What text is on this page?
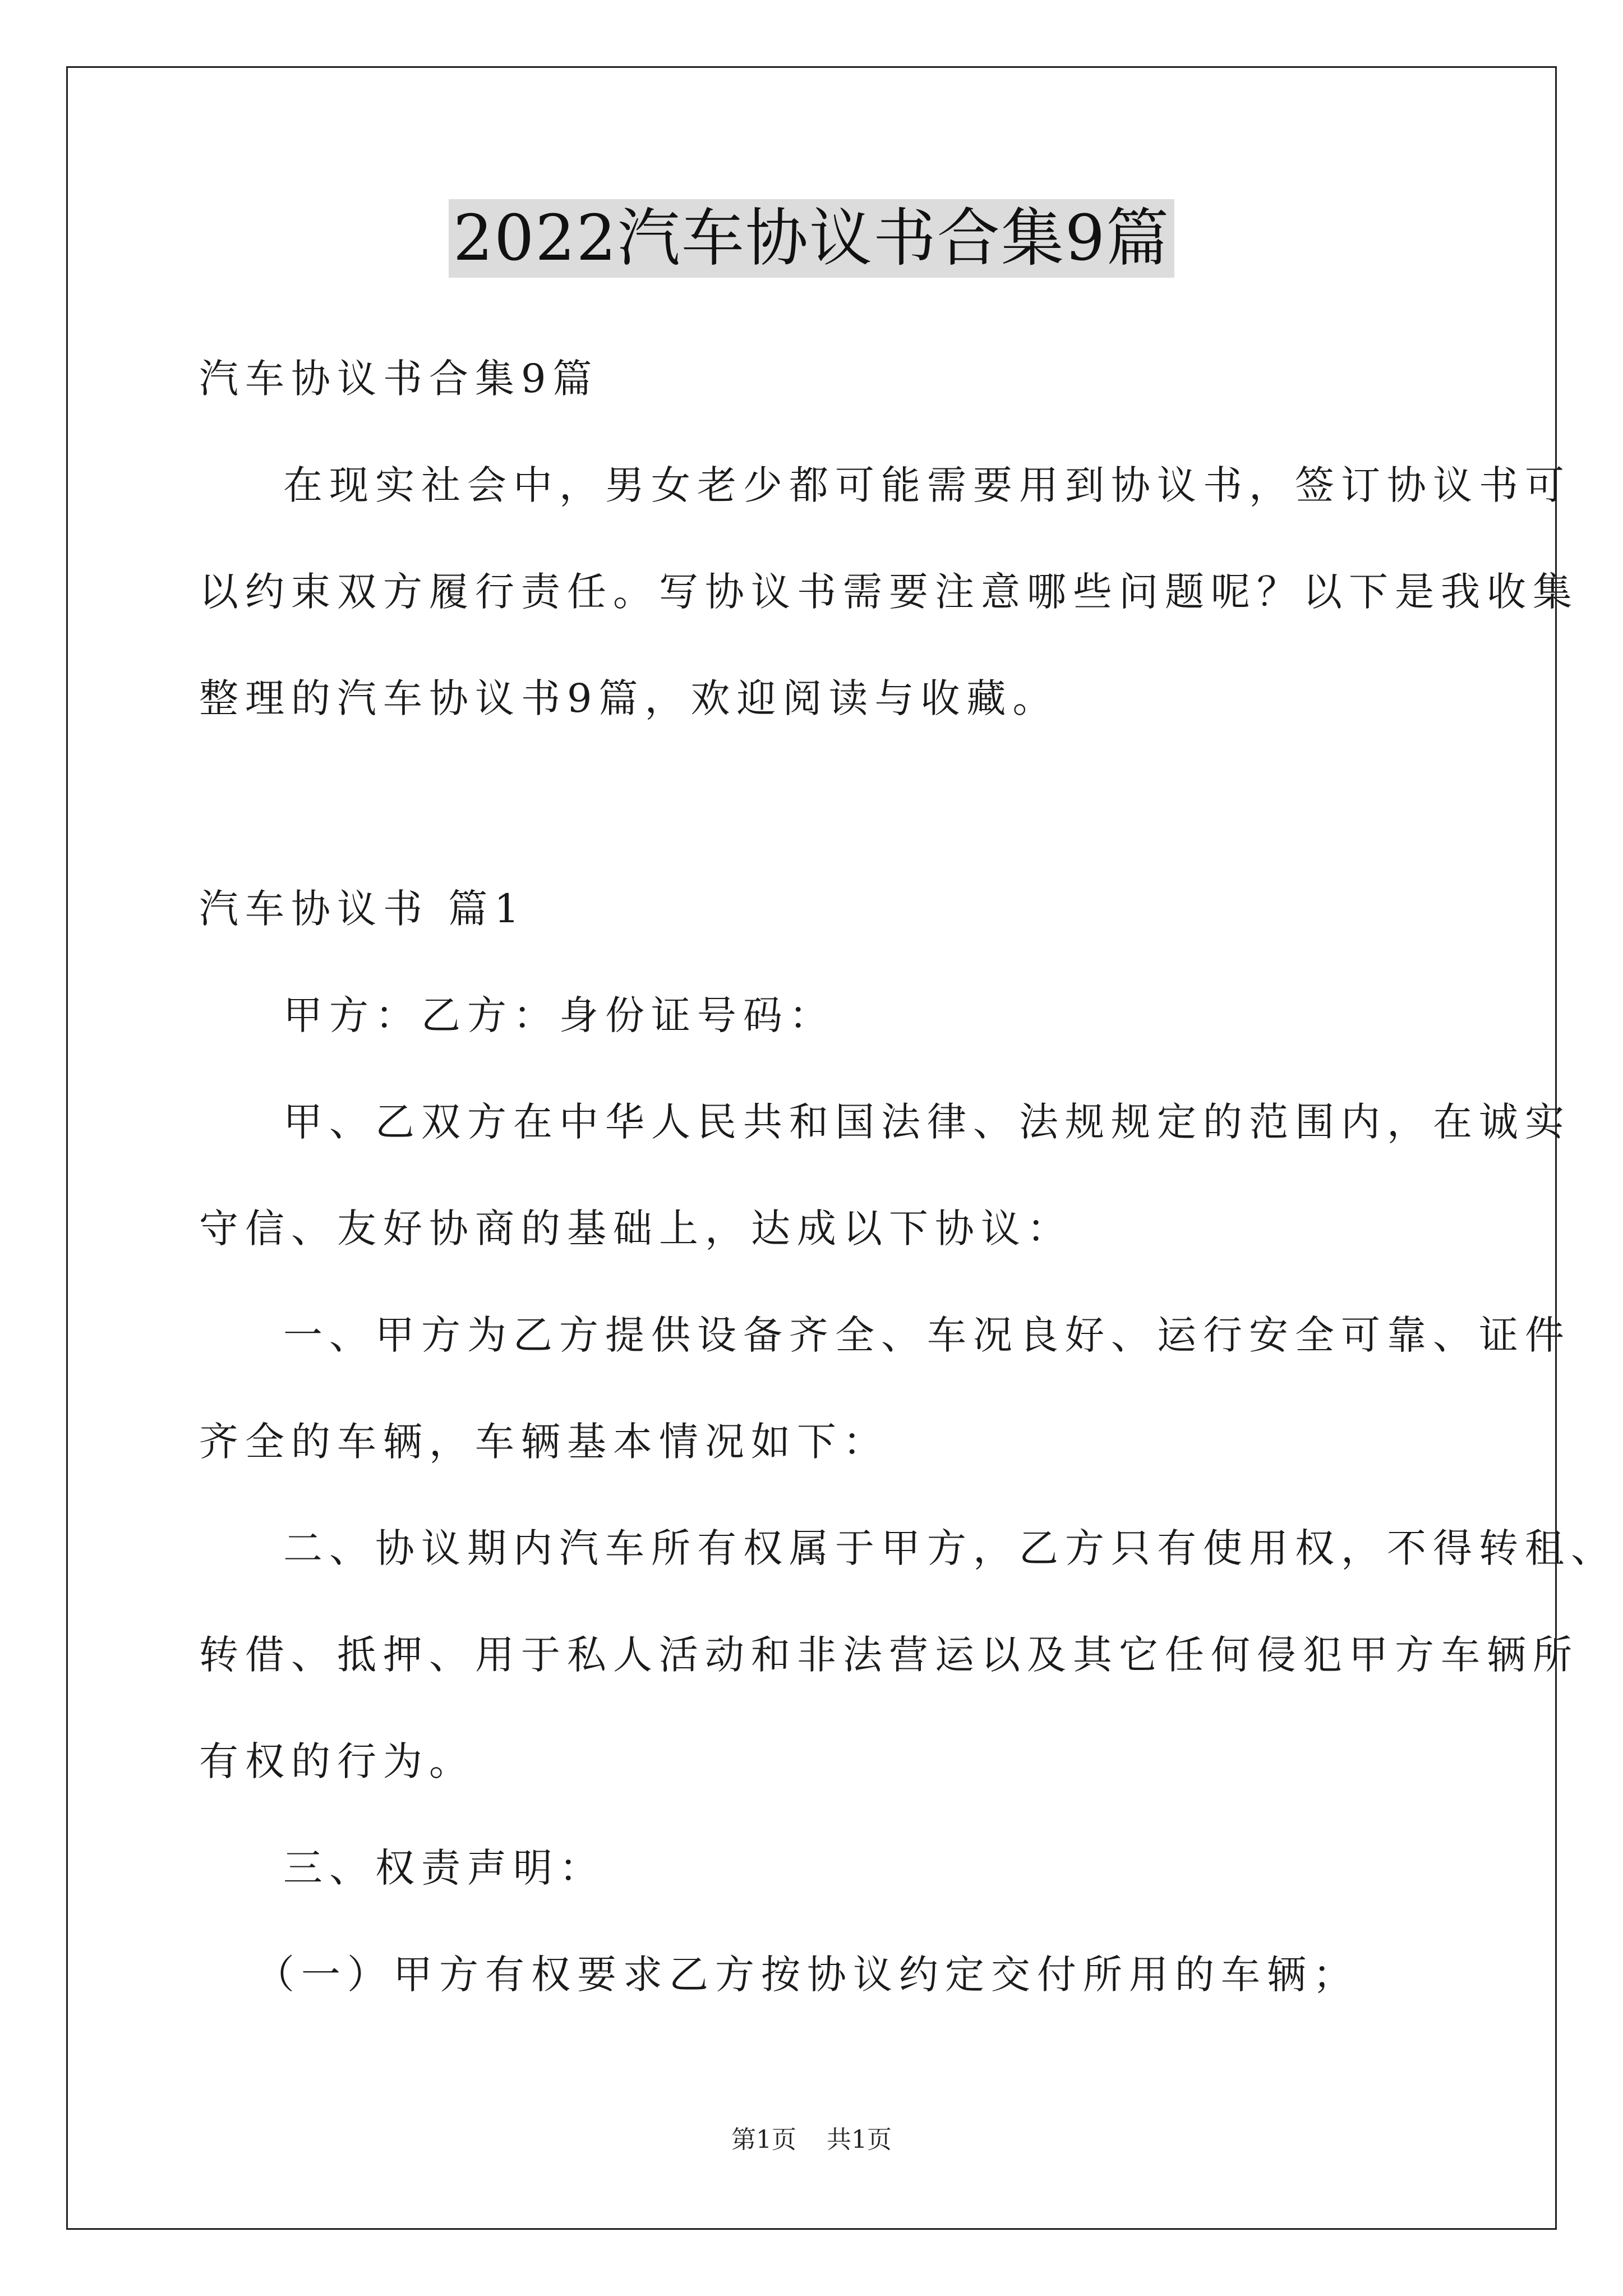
2022汽车协议书合集9篇
汽车协议书合集9篇
在现实社会中，男女老少都可能需要用到协议书，签订协议书可
以约束双方履行责任。写协议书需要注意哪些问题呢？以下是我收集
整理的汽车协议书9篇，欢迎阅读与收藏。
汽车协议书 篇1
甲方：乙方：身份证号码：
甲、乙双方在中华人民共和国法律、法规规定的范围内，在诚实
守信、友好协商的基础上，达成以下协议：
一、甲方为乙方提供设备齐全、车况良好、运行安全可靠、证件
齐全的车辆，车辆基本情况如下：
二、协议期内汽车所有权属于甲方，乙方只有使用权，不得转租、
转借、抵押、用于私人活动和非法营运以及其它任何侵犯甲方车辆所
有权的行为。
三、权责声明：
（一）甲方有权要求乙方按协议约定交付所用的车辆；
第1页 共1页
